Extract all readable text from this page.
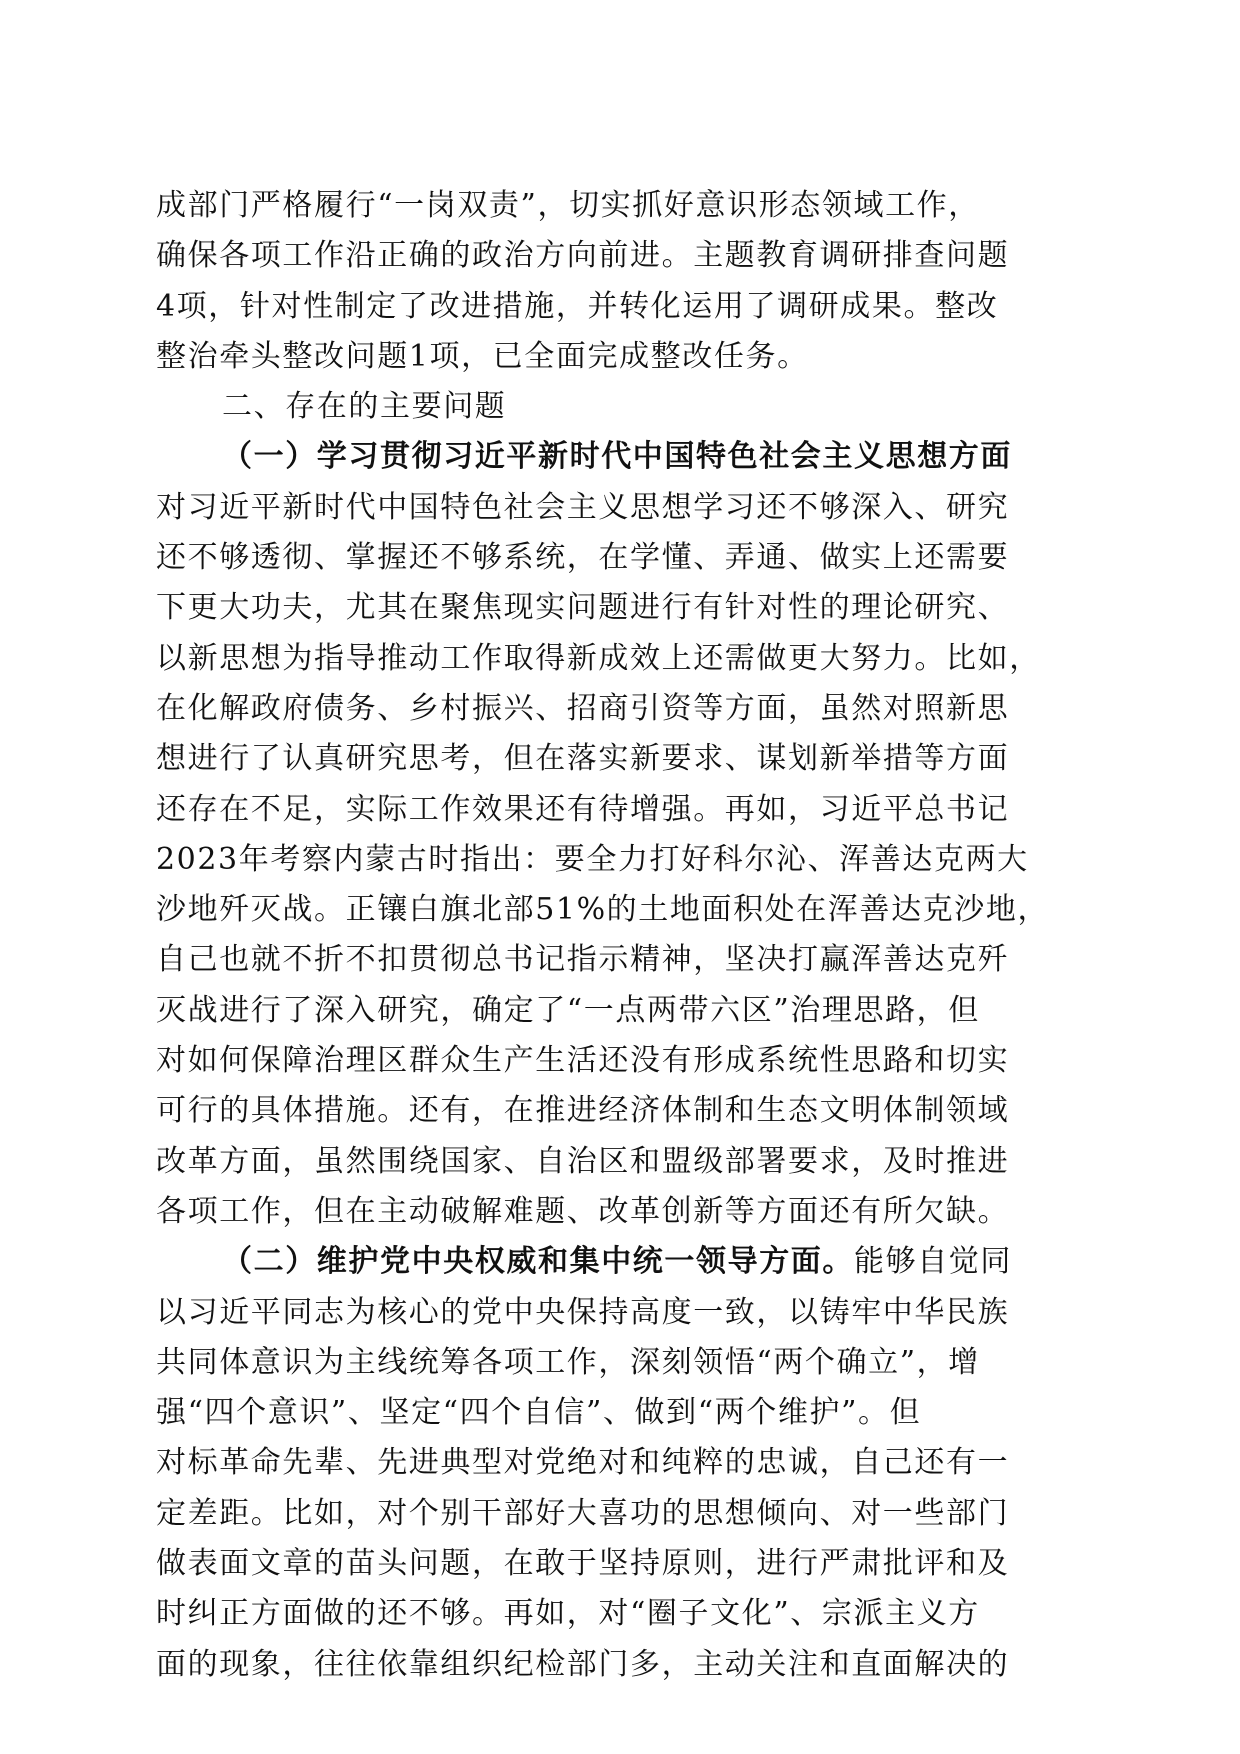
成部门严格履行“一岗双责”，切实抓好意识形态领域工作，
确保各项工作沿正确的政治方向前进。主题教育调研排查问题
4项，针对性制定了改进措施，并转化运用了调研成果。整改
整治牵头整改问题1项，已全面完成整改任务。
二、存在的主要问题
（一）学习贯彻习近平新时代中国特色社会主义思想方面
对习近平新时代中国特色社会主义思想学习还不够深入、研究
还不够透彻、掌握还不够系统，在学懂、弄通、做实上还需要
下更大功夫，尤其在聚焦现实问题进行有针对性的理论研究、
以新思想为指导推动工作取得新成效上还需做更大努力。比如，
在化解政府债务、乡村振兴、招商引资等方面，虽然对照新思
想进行了认真研究思考，但在落实新要求、谋划新举措等方面
还存在不足，实际工作效果还有待增强。再如，习近平总书记
2023年考察内蒙古时指出：要全力打好科尔沁、浑善达克两大
沙地歼灭战。正镶白旗北部51%的土地面积处在浑善达克沙地，
自己也就不折不扣贯彻总书记指示精神，坚决打赢浑善达克歼
灭战进行了深入研究，确定了“一点两带六区”治理思路，但
对如何保障治理区群众生产生活还没有形成系统性思路和切实
可行的具体措施。还有，在推进经济体制和生态文明体制领域
改革方面，虽然围绕国家、自治区和盟级部署要求，及时推进
各项工作，但在主动破解难题、改革创新等方面还有所欠缺。
（二）维护党中央权威和集中统一领导方面。能够自觉同
以习近平同志为核心的党中央保持高度一致，以铸牢中华民族
共同体意识为主线统筹各项工作，深刻领悟“两个确立”，增
强“四个意识”、坚定“四个自信”、做到“两个维护”。但
对标革命先辈、先进典型对党绝对和纯粹的忠诚，自己还有一
定差距。比如，对个别干部好大喜功的思想倾向、对一些部门
做表面文章的苗头问题，在敢于坚持原则，进行严肃批评和及
时纠正方面做的还不够。再如，对“圈子文化”、宗派主义方
面的现象，往往依靠组织纪检部门多，主动关注和直面解决的
